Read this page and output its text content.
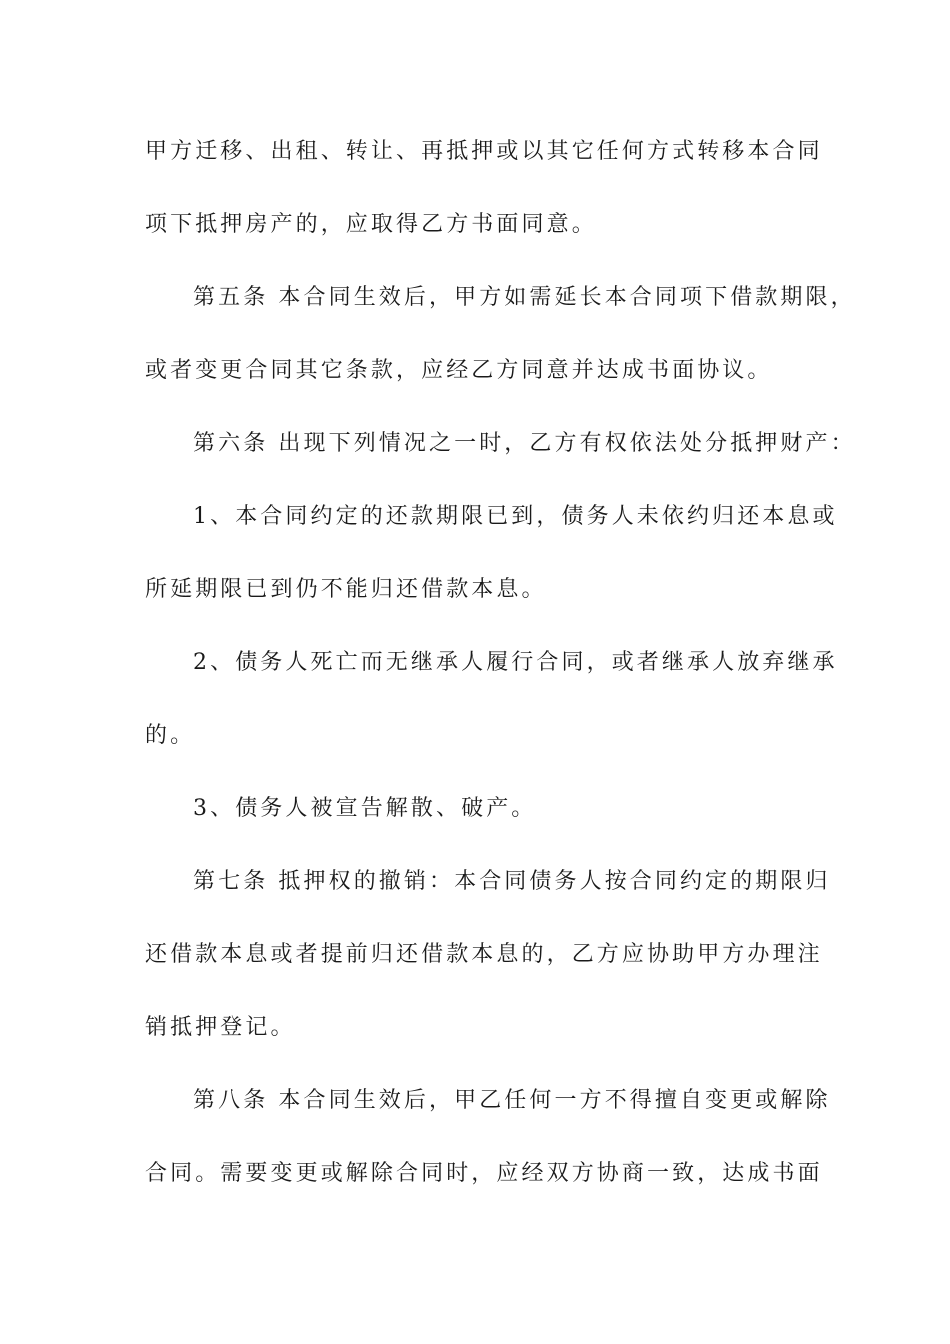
甲方迁移、出租、转让、再抵押或以其它任何方式转移本合同

项下抵押房产的，应取得乙方书面同意。

第五条 本合同生效后，甲方如需延长本合同项下借款期限，

或者变更合同其它条款，应经乙方同意并达成书面协议。

第六条 出现下列情况之一时，乙方有权依法处分抵押财产：

1、本合同约定的还款期限已到，债务人未依约归还本息或

所延期限已到仍不能归还借款本息。

2、债务人死亡而无继承人履行合同，或者继承人放弃继承

的。

3、债务人被宣告解散、破产。

第七条 抵押权的撤销：本合同债务人按合同约定的期限归

还借款本息或者提前归还借款本息的，乙方应协助甲方办理注

销抵押登记。

第八条 本合同生效后，甲乙任何一方不得擅自变更或解除

合同。需要变更或解除合同时，应经双方协商一致，达成书面
